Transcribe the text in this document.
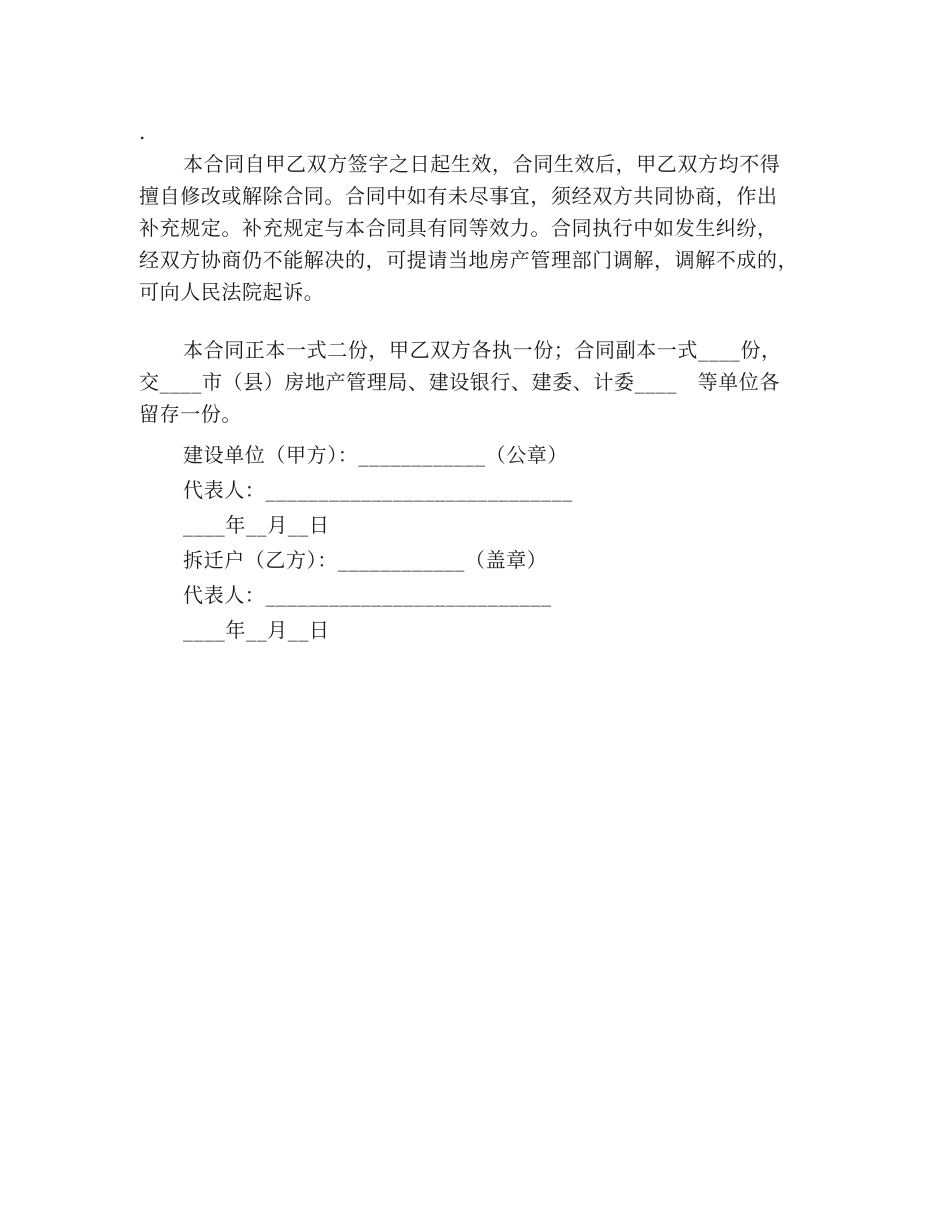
.
本合同自甲乙双方签字之日起生效，合同生效后，甲乙双方均不得
擅自修改或解除合同。合同中如有未尽事宜，须经双方共同协商，作出
补充规定。补充规定与本合同具有同等效力。合同执行中如发生纠纷，
经双方协商仍不能解决的，可提请当地房产管理部门调解，调解不成的，
可向人民法院起诉。
本合同正本一式二份，甲乙双方各执一份；合同副本一式____份，
交____市（县）房地产管理局、建设银行、建委、计委____　等单位各
留存一份。
建设单位（甲方）：____________（公章）
代表人：_____________________________
____年__月__日
拆迁户（乙方）：____________（盖章）
代表人：___________________________
____年__月__日
